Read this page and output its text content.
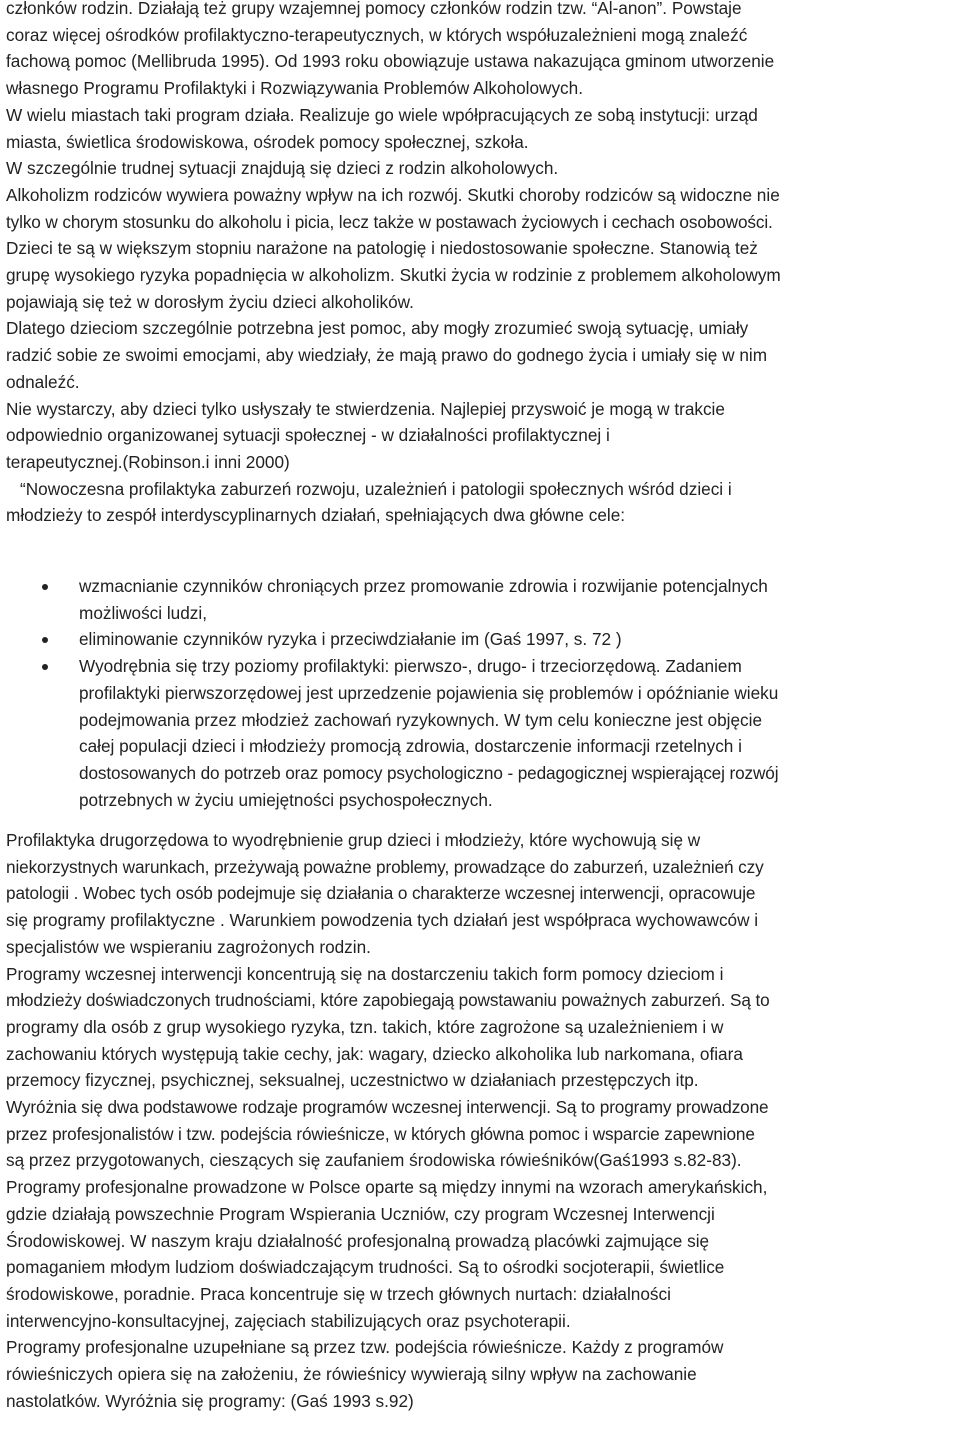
członków rodzin. Działają też grupy wzajemnej pomocy członków rodzin tzw. “Al-anon”. Powstaje
coraz więcej ośrodków profilaktyczno-terapeutycznych, w których współuzależnieni mogą znaleźć
fachową pomoc (Mellibruda 1995). Od 1993 roku obowiązuje ustawa nakazująca gminom utworzenie
własnego Programu Profilaktyki i Rozwiązywania Problemów Alkoholowych.
W wielu miastach taki program działa. Realizuje go wiele wpółpracujących ze sobą instytucji: urząd
miasta, świetlica środowiskowa, ośrodek pomocy społecznej, szkoła.
W szczególnie trudnej sytuacji znajdują się dzieci z rodzin alkoholowych.
Alkoholizm rodziców wywiera poważny wpływ na ich rozwój. Skutki choroby rodziców są widoczne nie
tylko w chorym stosunku do alkoholu i picia, lecz także w postawach życiowych i cechach osobowości.
Dzieci te są w większym stopniu narażone na patologię i niedostosowanie społeczne. Stanowią też
grupę wysokiego ryzyka popadnięcia w alkoholizm. Skutki życia w rodzinie z problemem alkoholowym
pojawiają się też w dorosłym życiu dzieci alkoholików.
Dlatego dzieciom szczególnie potrzebna jest pomoc, aby mogły zrozumieć swoją sytuację, umiały
radzić sobie ze swoimi emocjami, aby wiedziały, że mają prawo do godnego życia i umiały się w nim
odnaleźć.
Nie wystarczy, aby dzieci tylko usłyszały te stwierdzenia. Najlepiej przyswoić je mogą w trakcie
odpowiednio organizowanej sytuacji społecznej - w działalności profilaktycznej i
terapeutycznej.(Robinson.i inni 2000)
“Nowoczesna profilaktyka zaburzeń rozwoju, uzależnień i patologii społecznych wśród dzieci i
młodzieży to zespół interdyscyplinarnych działań, spełniających dwa główne cele:
wzmacnianie czynników chroniących przez promowanie zdrowia i rozwijanie potencjalnych
możliwości ludzi,
eliminowanie czynników ryzyka i przeciwdziałanie im (Gaś 1997, s. 72 )
Wyodrębnia się trzy poziomy profilaktyki: pierwszo-, drugo- i trzeciorzędową. Zadaniem
profilaktyki pierwszorzędowej jest uprzedzenie pojawienia się problemów i opóźnianie wieku
podejmowania przez młodzież zachowań ryzykownych. W tym celu konieczne jest objęcie
całej populacji dzieci i młodzieży promocją zdrowia, dostarczenie informacji rzetelnych i
dostosowanych do potrzeb oraz pomocy psychologiczno - pedagogicznej wspierającej rozwój
potrzebnych w życiu umiejętności psychospołecznych.
Profilaktyka drugorzędowa to wyodrębnienie grup dzieci i młodzieży, które wychowują się w
niekorzystnych warunkach, przeżywają poważne problemy, prowadzące do zaburzeń, uzależnień czy
patologii . Wobec tych osób podejmuje się działania o charakterze wczesnej interwencji, opracowuje
się programy profilaktyczne . Warunkiem powodzenia tych działań jest współpraca wychowawców i
specjalistów we wspieraniu zagrożonych rodzin.
Programy wczesnej interwencji koncentrują się na dostarczeniu takich form pomocy dzieciom i
młodzieży doświadczonych trudnościami, które zapobiegają powstawaniu poważnych zaburzeń. Są to
programy dla osób z grup wysokiego ryzyka, tzn. takich, które zagrożone są uzależnieniem i w
zachowaniu których występują takie cechy, jak: wagary, dziecko alkoholika lub narkomana, ofiara
przemocy fizycznej, psychicznej, seksualnej, uczestnictwo w działaniach przestępczych itp.
Wyróżnia się dwa podstawowe rodzaje programów wczesnej interwencji. Są to programy prowadzone
przez profesjonalistów i tzw. podejścia rówieśnicze, w których główna pomoc i wsparcie zapewnione
są przez przygotowanych, cieszących się zaufaniem środowiska rówieśników(Gaś1993 s.82-83).
Programy profesjonalne prowadzone w Polsce oparte są między innymi na wzorach amerykańskich,
gdzie działają powszechnie Program Wspierania Uczniów, czy program Wczesnej Interwencji
Środowiskowej. W naszym kraju działalność profesjonalną prowadzą placówki zajmujące się
pomaganiem młodym ludziom doświadczającym trudności. Są to ośrodki socjoterapii, świetlice
środowiskowe, poradnie. Praca koncentruje się w trzech głównych nurtach: działalności
interwencyjno-konsultacyjnej, zajęciach stabilizujących oraz psychoterapii.
Programy profesjonalne uzupełniane są przez tzw. podejścia rówieśnicze. Każdy z programów
rówieśniczych opiera się na założeniu, że rówieśnicy wywierają silny wpływ na zachowanie
nastolatków. Wyróżnia się programy: (Gaś 1993 s.92)
